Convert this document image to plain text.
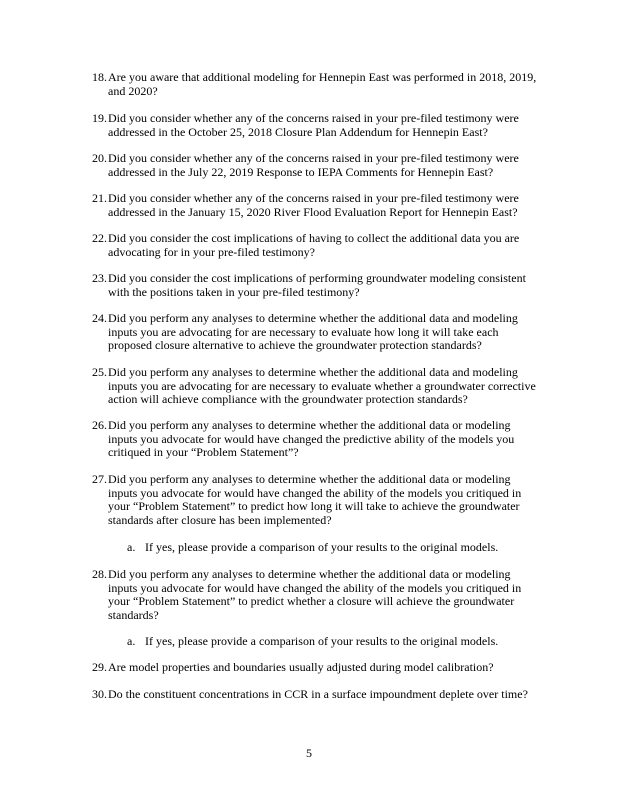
18. Are you aware that additional modeling for Hennepin East was performed in 2018, 2019,
and 2020?
19. Did you consider whether any of the concerns raised in your pre-filed testimony were
addressed in the October 25, 2018 Closure Plan Addendum for Hennepin East?
20. Did you consider whether any of the concerns raised in your pre-filed testimony were
addressed in the July 22, 2019 Response to IEPA Comments for Hennepin East?
21. Did you consider whether any of the concerns raised in your pre-filed testimony were
addressed in the January 15, 2020 River Flood Evaluation Report for Hennepin East?
22. Did you consider the cost implications of having to collect the additional data you are
advocating for in your pre-filed testimony?
23. Did you consider the cost implications of performing groundwater modeling consistent
with the positions taken in your pre-filed testimony?
24. Did you perform any analyses to determine whether the additional data and modeling
inputs you are advocating for are necessary to evaluate how long it will take each
proposed closure alternative to achieve the groundwater protection standards?
25. Did you perform any analyses to determine whether the additional data and modeling
inputs you are advocating for are necessary to evaluate whether a groundwater corrective
action will achieve compliance with the groundwater protection standards?
26. Did you perform any analyses to determine whether the additional data or modeling
inputs you advocate for would have changed the predictive ability of the models you
critiqued in your “Problem Statement”?
27. Did you perform any analyses to determine whether the additional data or modeling
inputs you advocate for would have changed the ability of the models you critiqued in
your “Problem Statement” to predict how long it will take to achieve the groundwater
standards after closure has been implemented?
a. If yes, please provide a comparison of your results to the original models.
28. Did you perform any analyses to determine whether the additional data or modeling
inputs you advocate for would have changed the ability of the models you critiqued in
your “Problem Statement” to predict whether a closure will achieve the groundwater
standards?
a. If yes, please provide a comparison of your results to the original models.
29. Are model properties and boundaries usually adjusted during model calibration?
30. Do the constituent concentrations in CCR in a surface impoundment deplete over time?
5
